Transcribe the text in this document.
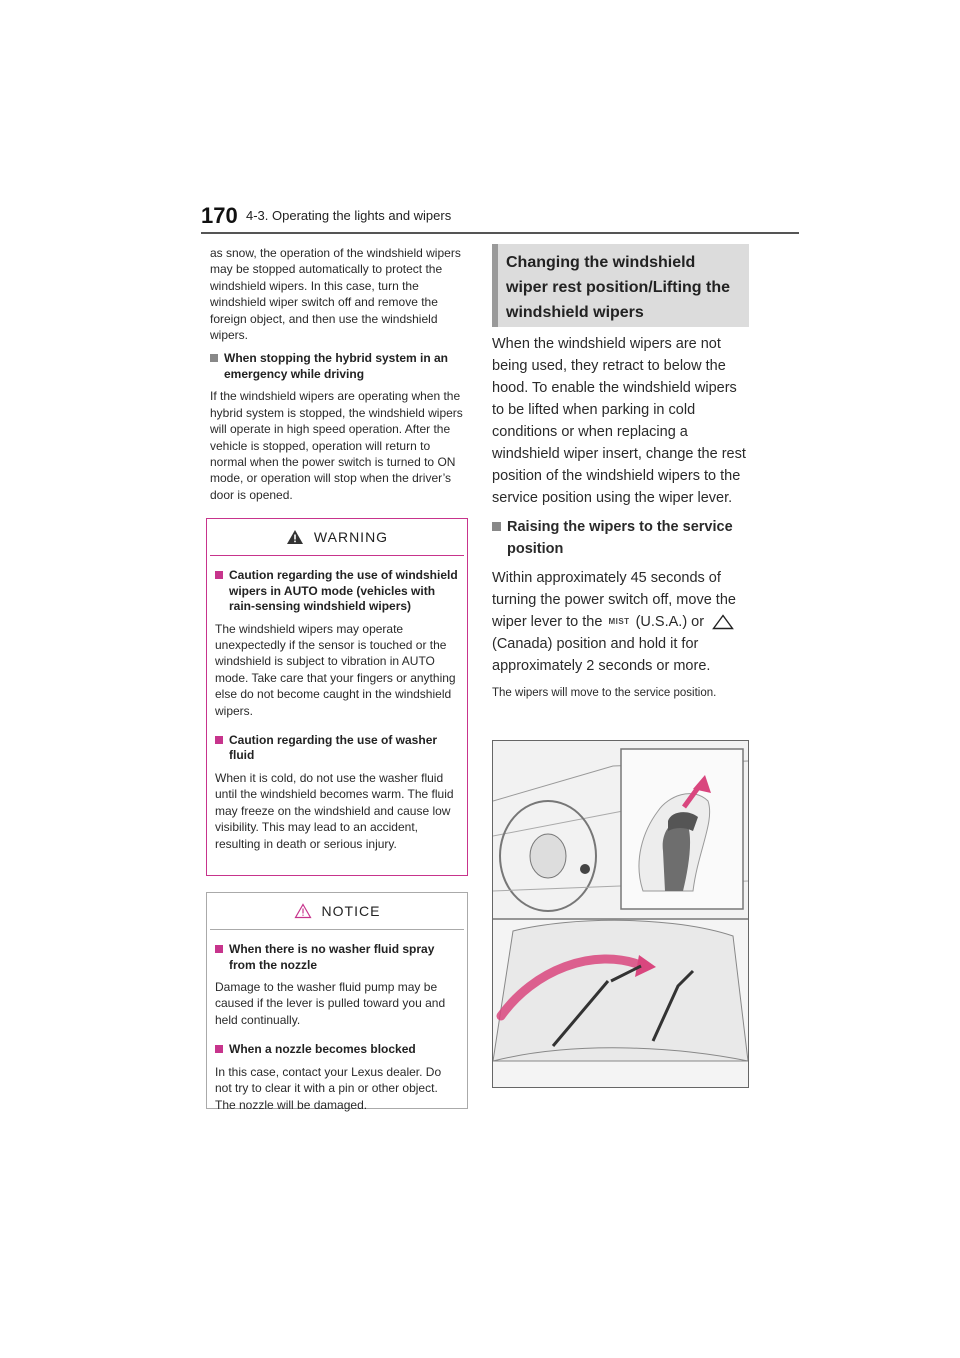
170 4-3. Operating the lights and wipers

as snow, the operation of the windshield wipers may be stopped automatically to protect the windshield wipers. In this case, turn the windshield wiper switch off and remove the foreign object, and then use the windshield wipers.

When stopping the hybrid system in an emergency while driving

If the windshield wipers are operating when the hybrid system is stopped, the windshield wipers will operate in high speed operation. After the vehicle is stopped, operation will return to normal when the power switch is turned to ON mode, or operation will stop when the driver’s door is opened.

WARNING
Caution regarding the use of windshield wipers in AUTO mode (vehicles with rain-sensing windshield wipers)

The windshield wipers may operate unexpectedly if the sensor is touched or the windshield is subject to vibration in AUTO mode. Take care that your fingers or anything else do not become caught in the windshield wipers.

Caution regarding the use of washer fluid

When it is cold, do not use the washer fluid until the windshield becomes warm. The fluid may freeze on the windshield and cause low visibility. This may lead to an accident, resulting in death or serious injury.

NOTICE
When there is no washer fluid spray from the nozzle

Damage to the washer fluid pump may be caused if the lever is pulled toward you and held continually.

When a nozzle becomes blocked

In this case, contact your Lexus dealer. Do not try to clear it with a pin or other object. The nozzle will be damaged.

Changing the windshield wiper rest position/Lifting the windshield wipers

When the windshield wipers are not being used, they retract to below the hood. To enable the windshield wipers to be lifted when parking in cold conditions or when replacing a windshield wiper insert, change the rest position of the windshield wipers to the service position using the wiper lever.

Raising the wipers to the service position

Within approximately 45 seconds of turning the power switch off, move the wiper lever to the MIST (U.S.A.) or  (Canada) position and hold it for approximately 2 seconds or more.

The wipers will move to the service position.
